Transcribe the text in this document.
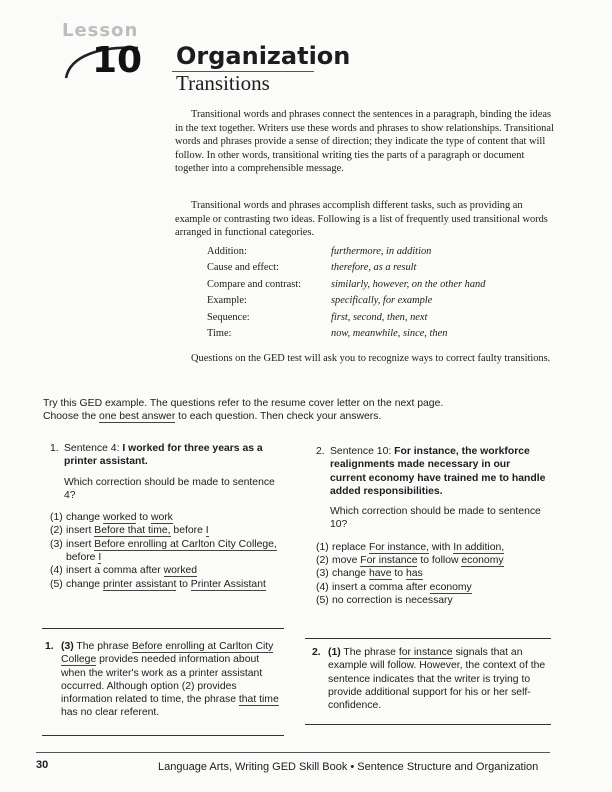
Lesson
10 Organization
Transitions
Transitional words and phrases connect the sentences in a paragraph, binding the ideas in the text together. Writers use these words and phrases to show relationships. Transitional words and phrases provide a sense of direction; they indicate the type of content that will follow. In other words, transitional writing ties the parts of a paragraph or document together into a comprehensible message.
Transitional words and phrases accomplish different tasks, such as providing an example or contrasting two ideas. Following is a list of frequently used transitional words arranged in functional categories.
Addition:	furthermore, in addition
Cause and effect:	therefore, as a result
Compare and contrast:	similarly, however, on the other hand
Example:	specifically, for example
Sequence:	first, second, then, next
Time:	now, meanwhile, since, then
Questions on the GED test will ask you to recognize ways to correct faulty transitions.
Try this GED example. The questions refer to the resume cover letter on the next page.
Choose the one best answer to each question. Then check your answers.
1. Sentence 4: I worked for three years as a printer assistant.
Which correction should be made to sentence 4?
(1) change worked to work
(2) insert Before that time, before I
(3) insert Before enrolling at Carlton City College, before I
(4) insert a comma after worked
(5) change printer assistant to Printer Assistant
2. Sentence 10: For instance, the workforce realignments made necessary in our current economy have trained me to handle added responsibilities.
Which correction should be made to sentence 10?
(1) replace For instance, with In addition,
(2) move For instance to follow economy
(3) change have to has
(4) insert a comma after economy
(5) no correction is necessary
1. (3) The phrase Before enrolling at Carlton City College provides needed information about when the writer's work as a printer assistant occurred. Although option (2) provides information related to time, the phrase that time has no clear referent.
2. (1) The phrase for instance signals that an example will follow. However, the context of the sentence indicates that the writer is trying to provide additional support for his or her self-confidence.
30	Language Arts, Writing GED Skill Book • Sentence Structure and Organization
